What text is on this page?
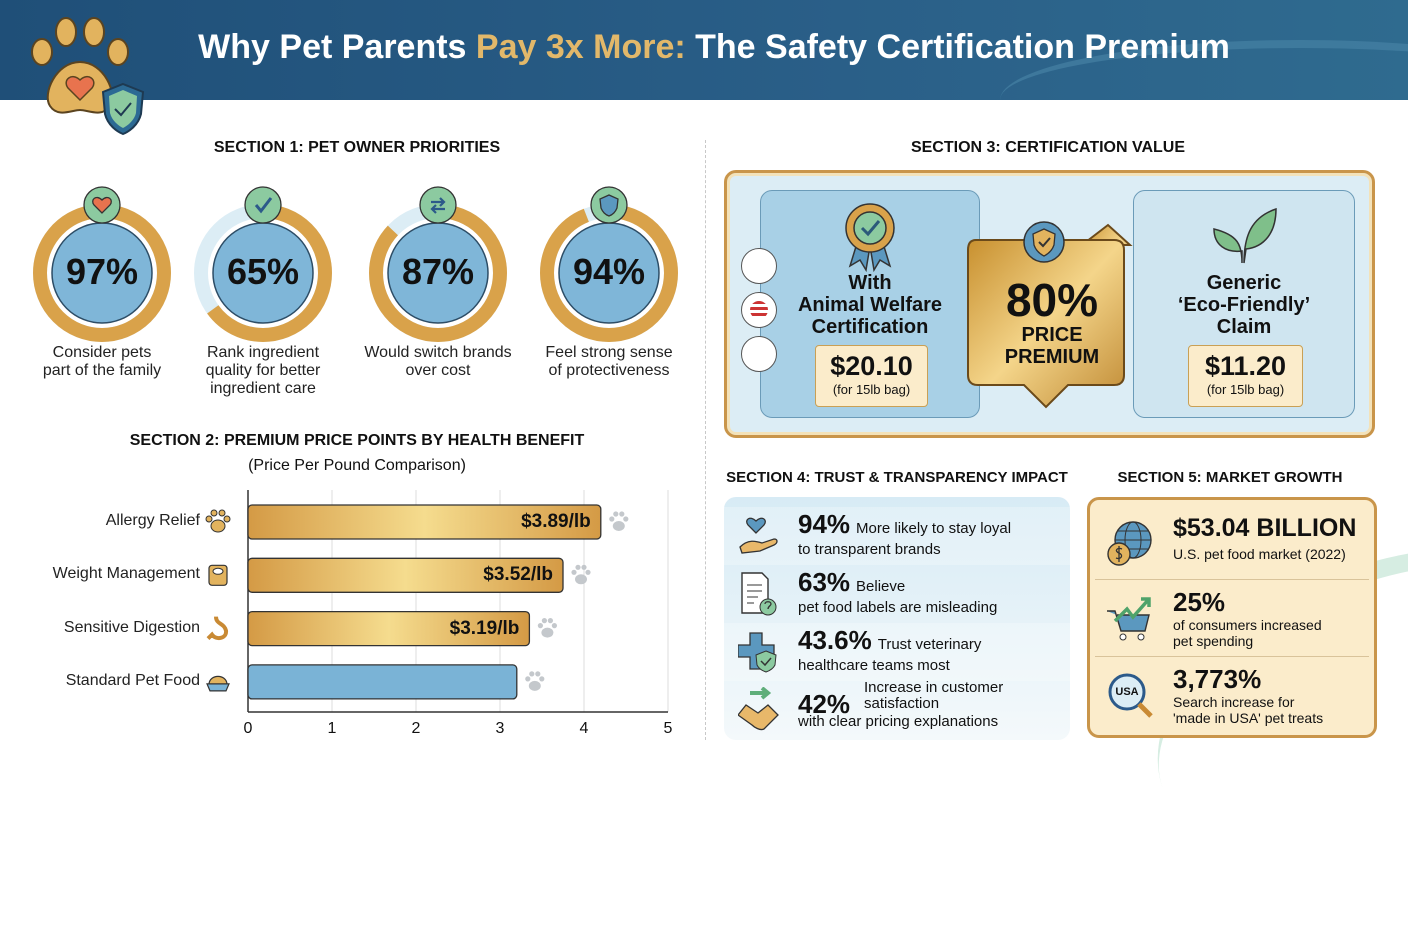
Why Pet Parents Pay 3x More: The Safety Certification Premium
SECTION 1: PET OWNER PRIORITIES
97%
Consider pets
part of the family
65%
Rank ingredient
quality for better
ingredient care
87%
Would switch brands
over cost
94%
Feel strong sense
of protectiveness
SECTION 2: PREMIUM PRICE POINTS BY HEALTH BENEFIT
(Price Per Pound Comparison)
0	1	2	3	4	5
Allergy Relief	$3.89/lb
Weight Management	$3.52/lb
Sensitive Digestion	$3.19/lb
Standard Pet Food
SECTION 3: CERTIFICATION VALUE
With
Animal Welfare
Certification
$20.10
(for 15lb bag)
80%
PRICE
PREMIUM
Generic
‘Eco-Friendly’
Claim
$11.20
(for 15lb bag)
SECTION 4: TRUST & TRANSPARENCY IMPACT
94% More likely to stay loyal
to transparent brands
63% Believe
pet food labels are misleading
43.6% Trust veterinary
healthcare teams most
42%
Increase in customer
satisfaction
with clear pricing explanations
SECTION 5: MARKET GROWTH
$53.04 BILLION
U.S. pet food market (2022)
25%
of consumers increased
pet spending
USA 3,773%
Search increase for
'made in USA' pet treats
